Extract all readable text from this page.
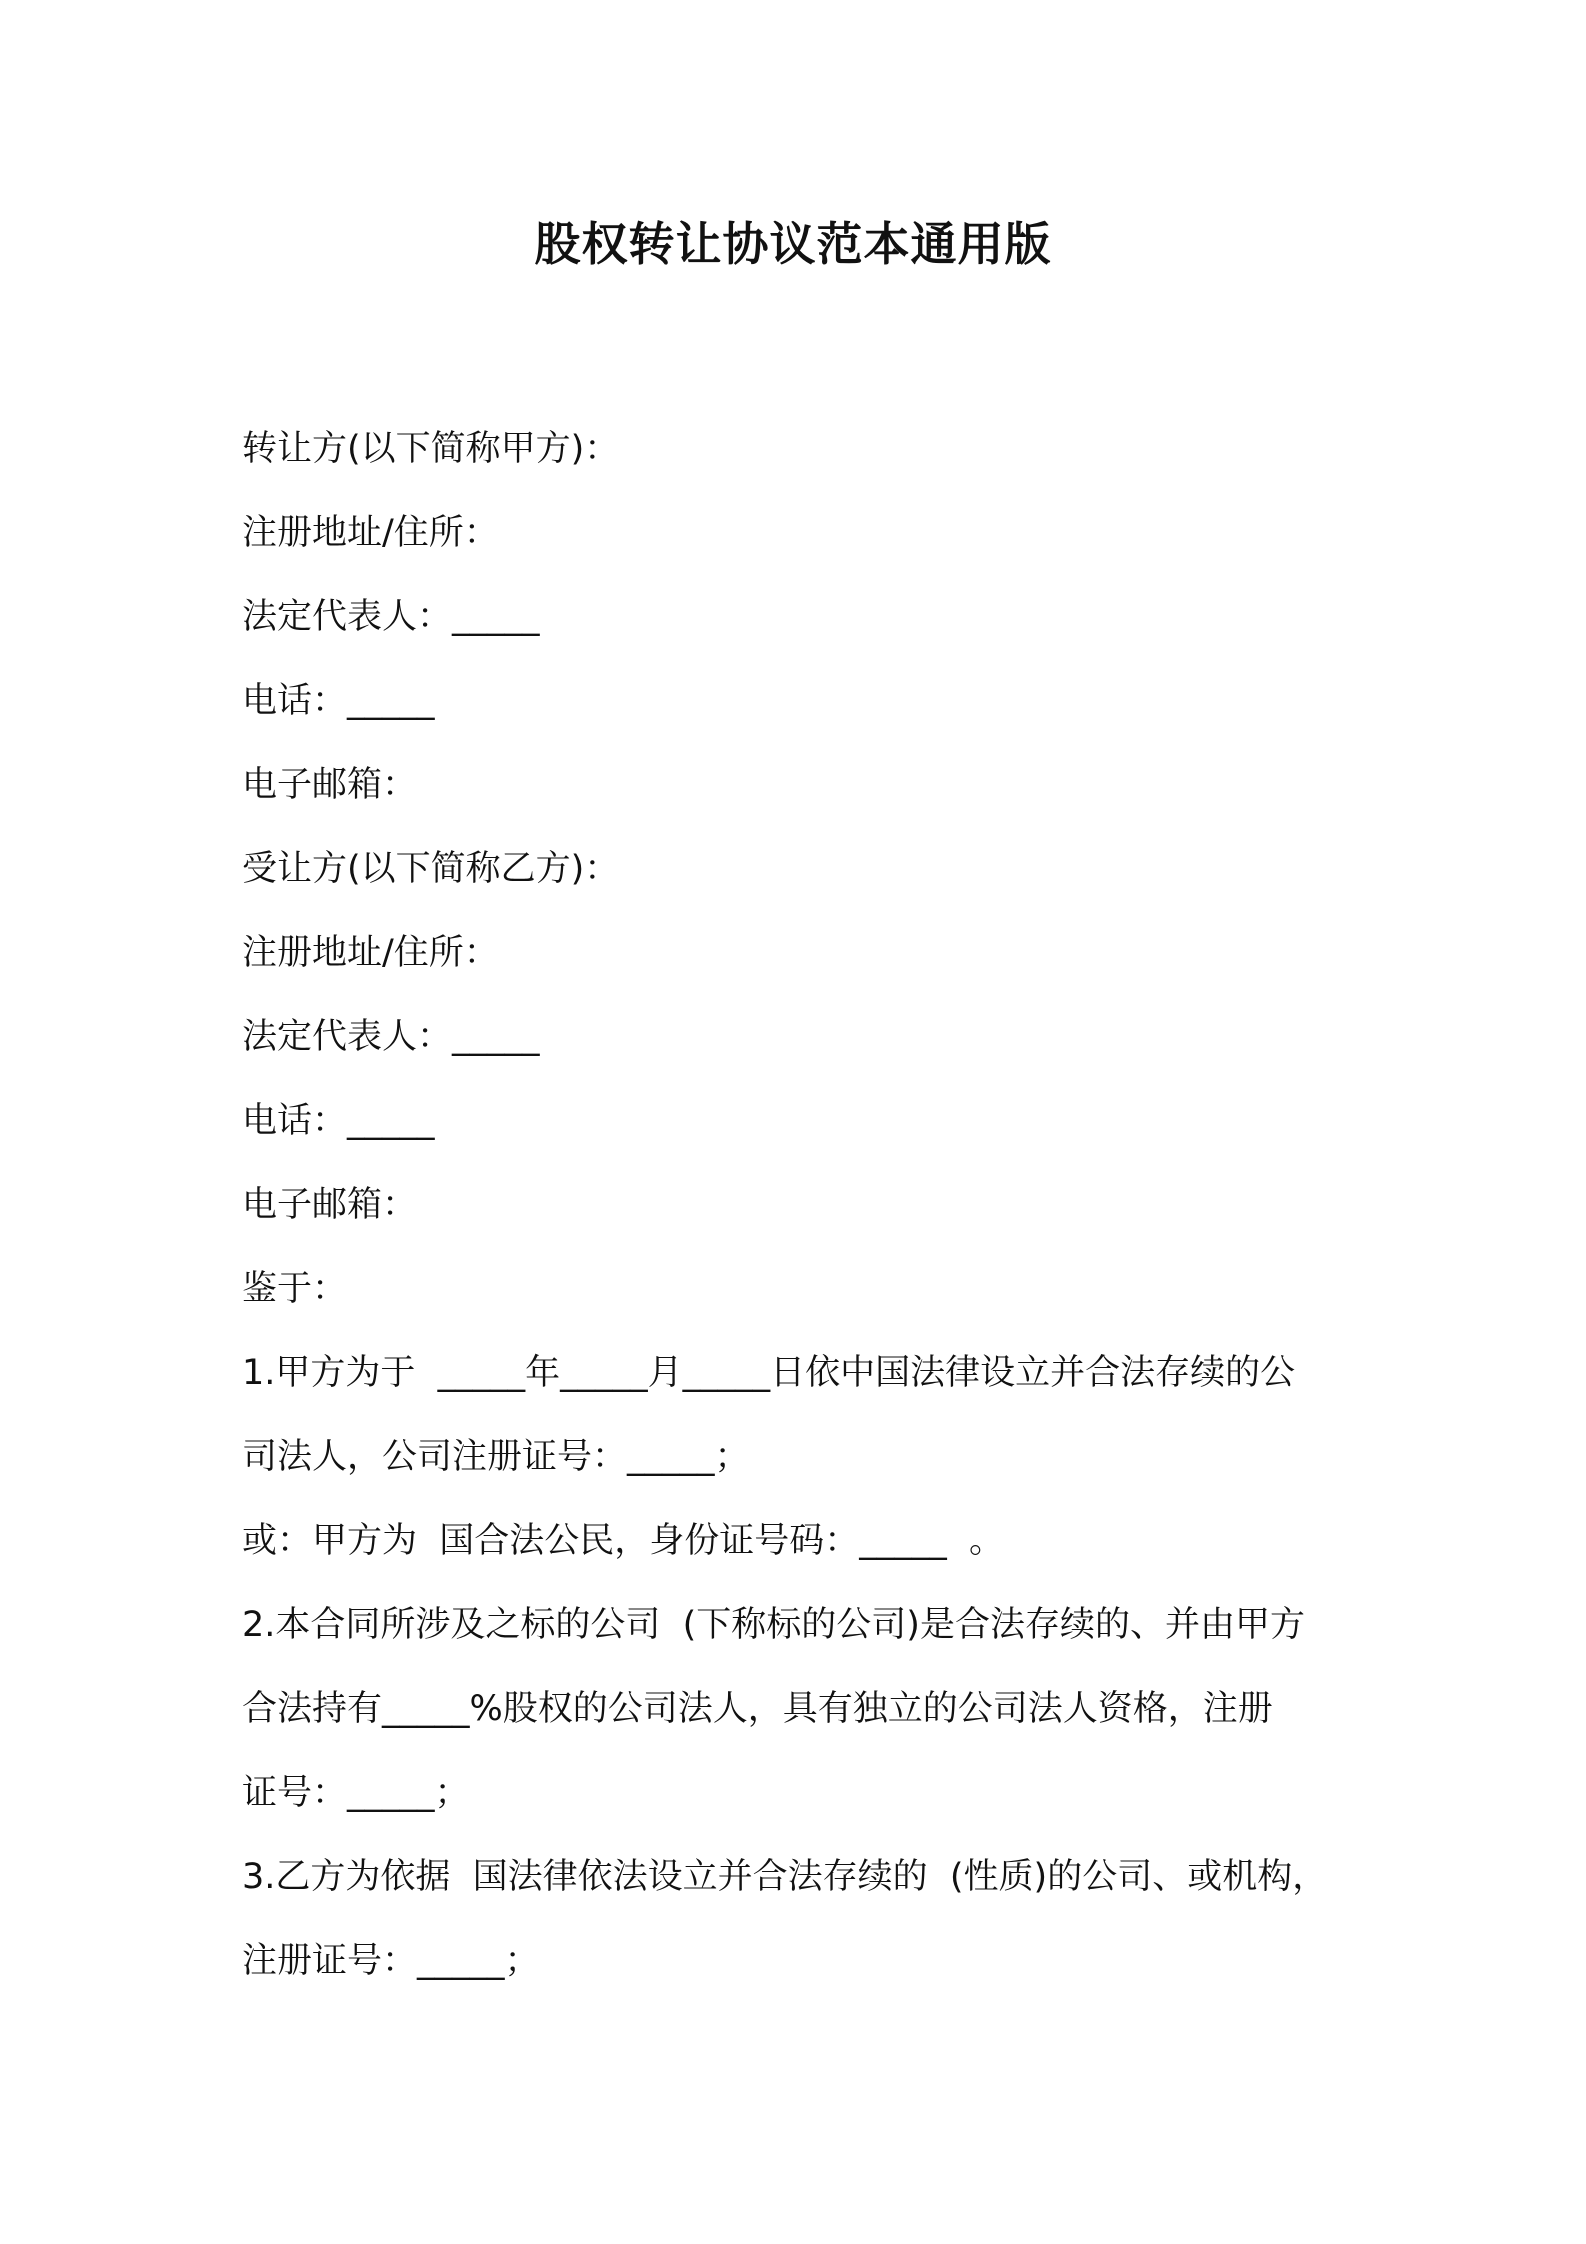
股权转让协议范本通用版

转让方(以下简称甲方)：

注册地址/住所：

法定代表人：_____

电话：_____

电子邮箱：

受让方(以下简称乙方)：

注册地址/住所：

法定代表人：_____

电话：_____

电子邮箱：

鉴于：

1.甲方为于  _____年_____月_____日依中国法律设立并合法存续的公

司法人，公司注册证号：_____；

或：甲方为  国合法公民，身份证号码：_____  。

2.本合同所涉及之标的公司  (下称标的公司)是合法存续的、并由甲方

合法持有_____%股权的公司法人，具有独立的公司法人资格，注册

证号：_____；

3.乙方为依据  国法律依法设立并合法存续的  (性质)的公司、或机构，

注册证号：_____；
